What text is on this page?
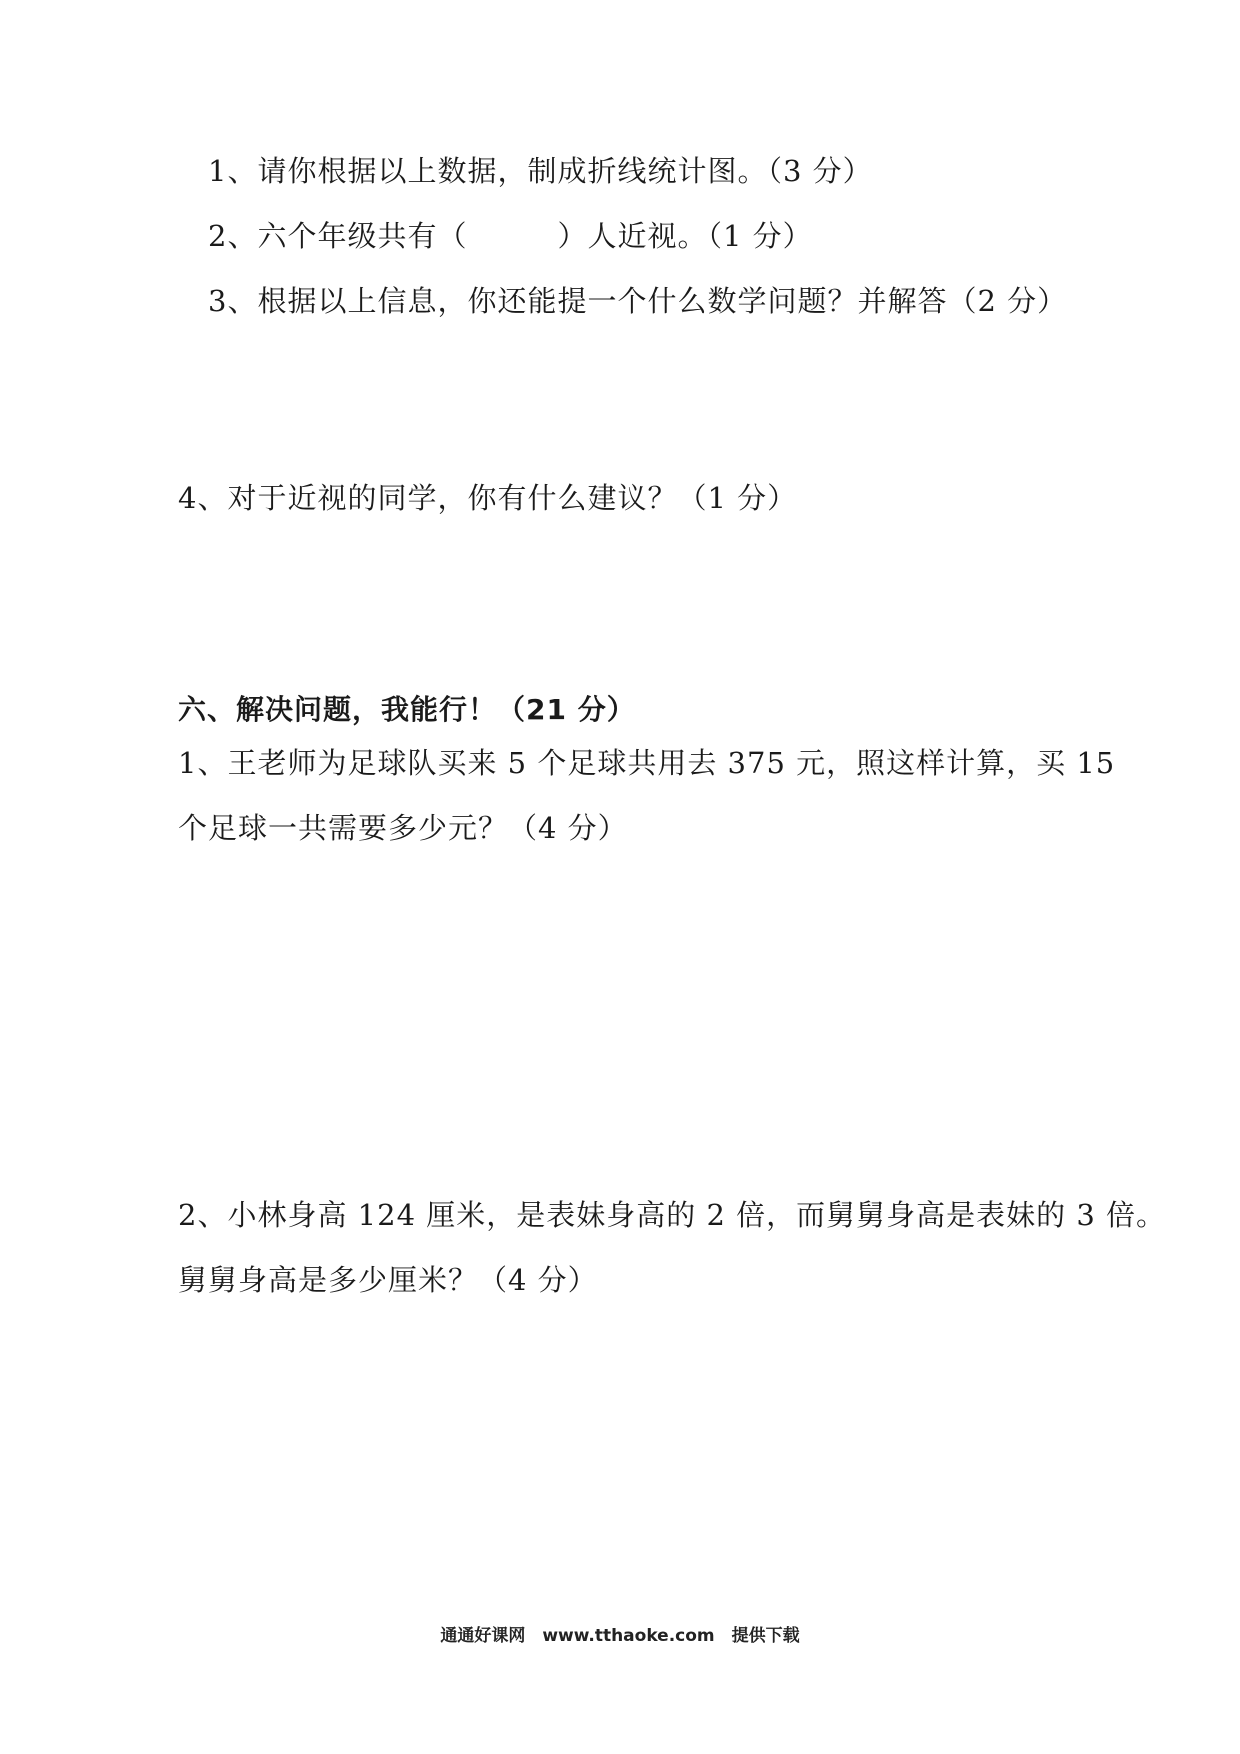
1、请你根据以上数据，制成折线统计图。（3 分）
2、六个年级共有（　　　）人近视。（1 分）
3、根据以上信息，你还能提一个什么数学问题？并解答（2 分）
4、对于近视的同学，你有什么建议？（1 分）
六、解决问题，我能行！（21 分）
1、王老师为足球队买来 5 个足球共用去 375 元，照这样计算，买 15
个足球一共需要多少元？（4 分）
2、小林身高 124 厘米，是表妹身高的 2 倍，而舅舅身高是表妹的 3 倍。
舅舅身高是多少厘米？（4 分）
通通好课网　www.tthaoke.com　提供下载
